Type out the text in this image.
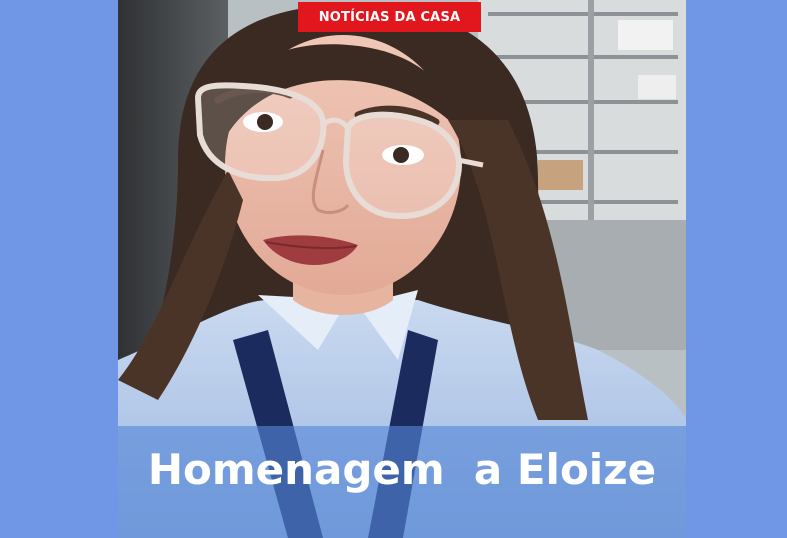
NOTÍCIAS DA CASA
Homenagem  a Eloize
